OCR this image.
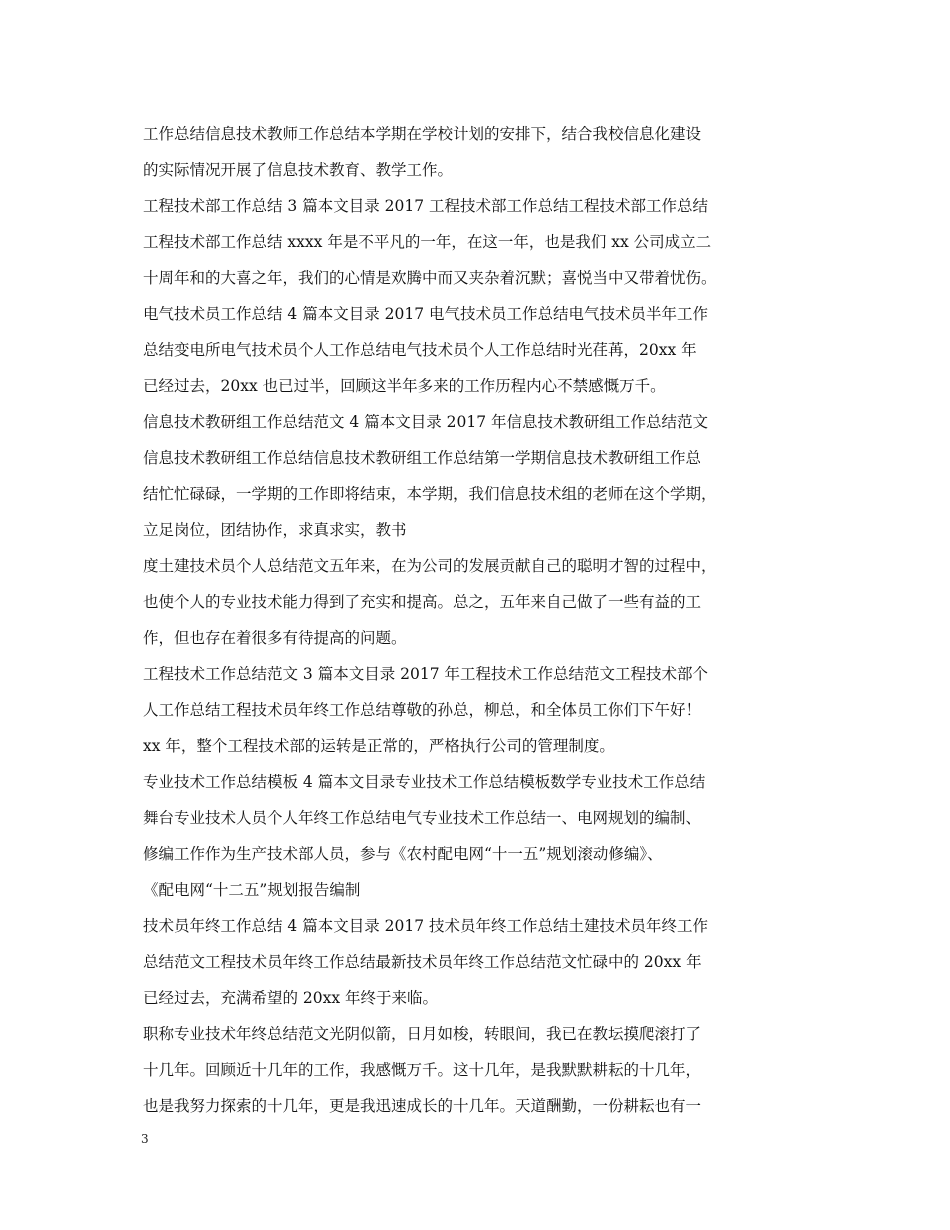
工作总结信息技术教师工作总结本学期在学校计划的安排下，结合我校信息化建设
的实际情况开展了信息技术教育、教学工作。
工程技术部工作总结 3 篇本文目录 2017 工程技术部工作总结工程技术部工作总结
工程技术部工作总结 xxxx 年是不平凡的一年，在这一年，也是我们 xx 公司成立二
十周年和的大喜之年，我们的心情是欢腾中而又夹杂着沉默；喜悦当中又带着忧伤。
电气技术员工作总结 4 篇本文目录 2017 电气技术员工作总结电气技术员半年工作
总结变电所电气技术员个人工作总结电气技术员个人工作总结时光荏苒，20xx 年
已经过去，20xx 也已过半，回顾这半年多来的工作历程内心不禁感慨万千。
信息技术教研组工作总结范文 4 篇本文目录 2017 年信息技术教研组工作总结范文
信息技术教研组工作总结信息技术教研组工作总结第一学期信息技术教研组工作总
结忙忙碌碌，一学期的工作即将结束，本学期，我们信息技术组的老师在这个学期，
立足岗位，团结协作，求真求实，教书
度土建技术员个人总结范文五年来，在为公司的发展贡献自己的聪明才智的过程中，
也使个人的专业技术能力得到了充实和提高。总之，五年来自己做了一些有益的工
作，但也存在着很多有待提高的问题。
工程技术工作总结范文 3 篇本文目录 2017 年工程技术工作总结范文工程技术部个
人工作总结工程技术员年终工作总结尊敬的孙总，柳总，和全体员工你们下午好！
xx 年，整个工程技术部的运转是正常的，严格执行公司的管理制度。
专业技术工作总结模板 4 篇本文目录专业技术工作总结模板数学专业技术工作总结
舞台专业技术人员个人年终工作总结电气专业技术工作总结一、电网规划的编制、
修编工作作为生产技术部人员，参与《农村配电网“十一五”规划滚动修编》、
《配电网“十二五”规划报告编制
技术员年终工作总结 4 篇本文目录 2017 技术员年终工作总结土建技术员年终工作
总结范文工程技术员年终工作总结最新技术员年终工作总结范文忙碌中的 20xx 年
已经过去，充满希望的 20xx 年终于来临。
职称专业技术年终总结范文光阴似箭，日月如梭，转眼间，我已在教坛摸爬滚打了
十几年。回顾近十几年的工作，我感慨万千。这十几年，是我默默耕耘的十几年，
也是我努力探索的十几年，更是我迅速成长的十几年。天道酬勤，一份耕耘也有一
3
